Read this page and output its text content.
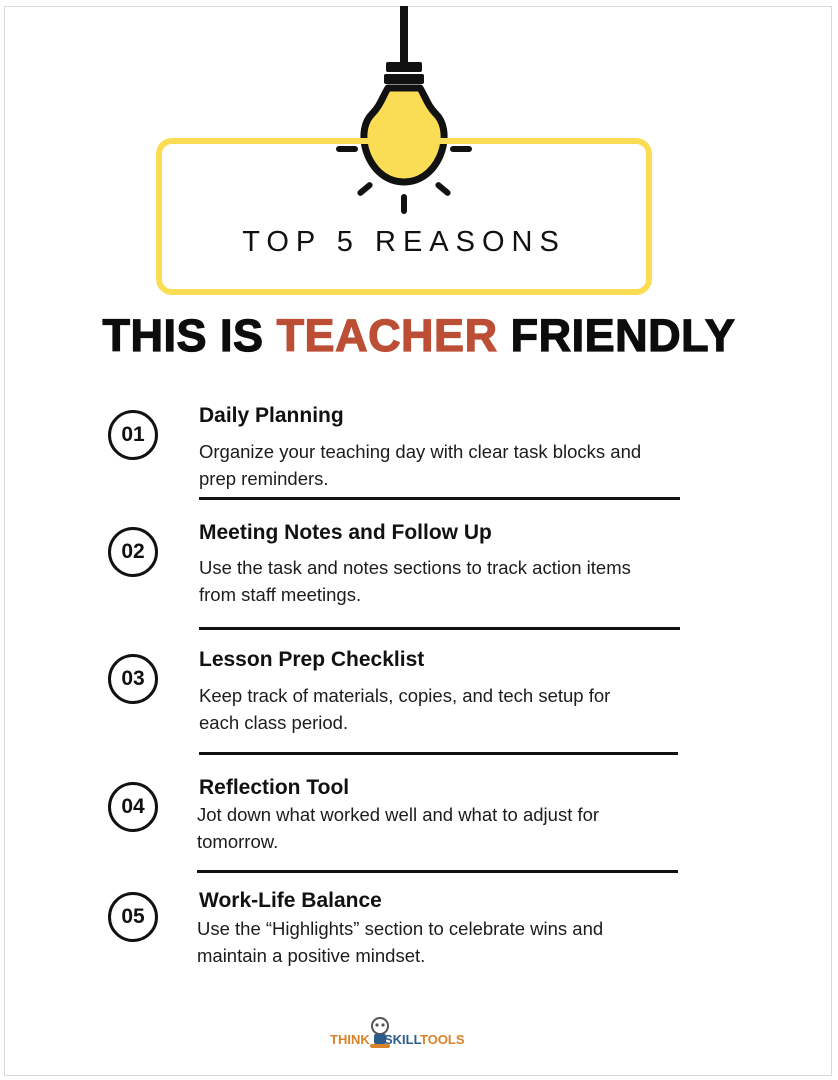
TOP 5 REASONS
THIS IS TEACHER FRIENDLY
01
Daily Planning
Organize your teaching day with clear task blocks and
prep reminders.
02
Meeting Notes and Follow Up
Use the task and notes sections to track action items
from staff meetings.
03
Lesson Prep Checklist
Keep track of materials, copies, and tech setup for
each class period.
04
Reflection Tool
Jot down what worked well and what to adjust for
tomorrow.
05
Work-Life Balance
Use the “Highlights” section to celebrate wins and
maintain a positive mindset.
THINK SKILL
TOOLS
